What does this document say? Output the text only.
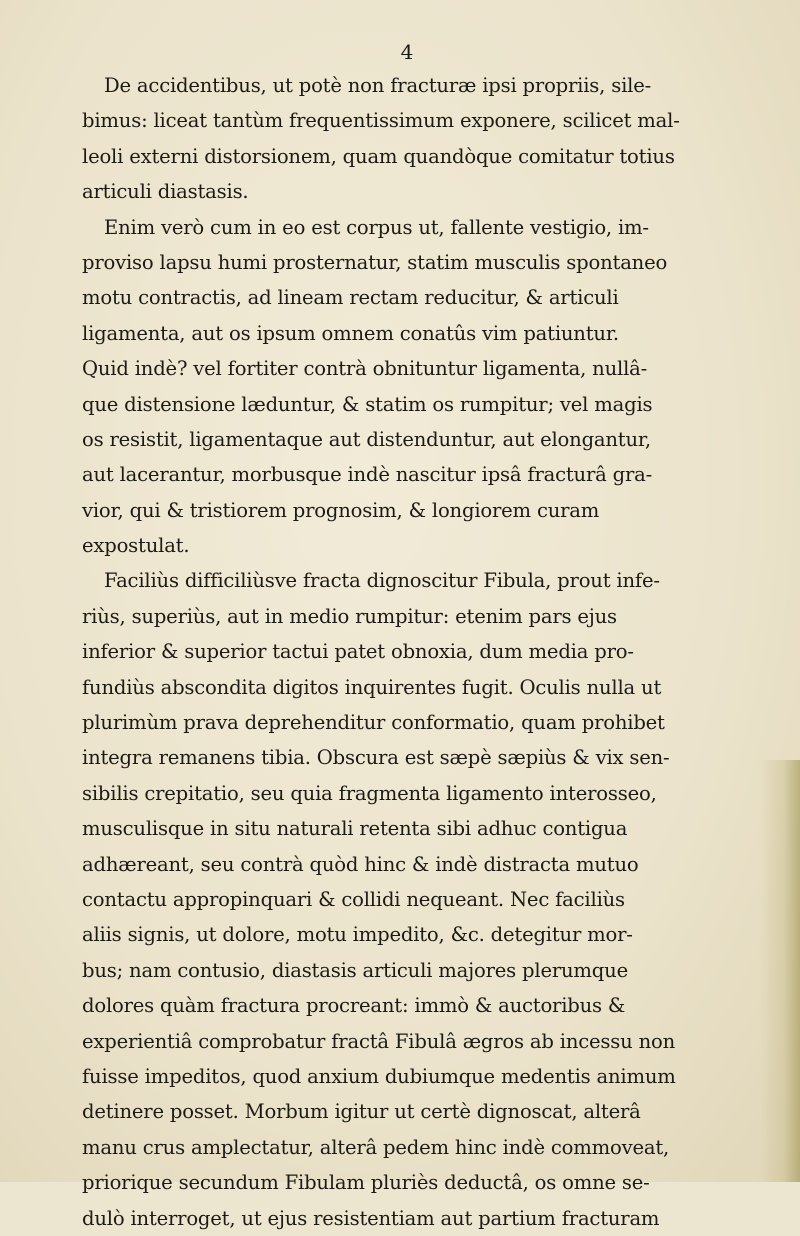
4
De accidentibus, ut potè non fracturæ ipsi propriis, sile-
bimus: liceat tantùm frequentissimum exponere, scilicet mal-
leoli externi distorsionem, quam quandòque comitatur totius
articuli diastasis.
Enim verò cum in eo est corpus ut, fallente vestigio, im-
proviso lapsu humi prosternatur, statim musculis spontaneo
motu contractis, ad lineam rectam reducitur, & articuli
ligamenta, aut os ipsum omnem conatûs vim patiuntur.
Quid indè? vel fortiter contrà obnituntur ligamenta, nullâ-
que distensione læduntur, & statim os rumpitur; vel magis
os resistit, ligamentaque aut distenduntur, aut elongantur,
aut lacerantur, morbusque indè nascitur ipsâ fracturâ gra-
vior, qui & tristiorem prognosim, & longiorem curam
expostulat.
Faciliùs difficiliùsve fracta dignoscitur Fibula, prout infe-
riùs, superiùs, aut in medio rumpitur: etenim pars ejus
inferior & superior tactui patet obnoxia, dum media pro-
fundiùs abscondita digitos inquirentes fugit. Oculis nulla ut
plurimùm prava deprehenditur conformatio, quam prohibet
integra remanens tibia. Obscura est sæpè sæpiùs & vix sen-
sibilis crepitatio, seu quia fragmenta ligamento interosseo,
musculisque in situ naturali retenta sibi adhuc contigua
adhæreant, seu contrà quòd hinc & indè distracta mutuo
contactu appropinquari & collidi nequeant. Nec faciliùs
aliis signis, ut dolore, motu impedito, &c. detegitur mor-
bus; nam contusio, diastasis articuli majores plerumque
dolores quàm fractura procreant: immò & auctoribus &
experientiâ comprobatur fractâ Fibulâ ægros ab incessu non
fuisse impeditos, quod anxium dubiumque medentis animum
detinere posset. Morbum igitur ut certè dignoscat, alterâ
manu crus amplectatur, alterâ pedem hinc indè commoveat,
priorique secundum Fibulam pluriès deductâ, os omne se-
dulò interroget, ut ejus resistentiam aut partium fracturam
